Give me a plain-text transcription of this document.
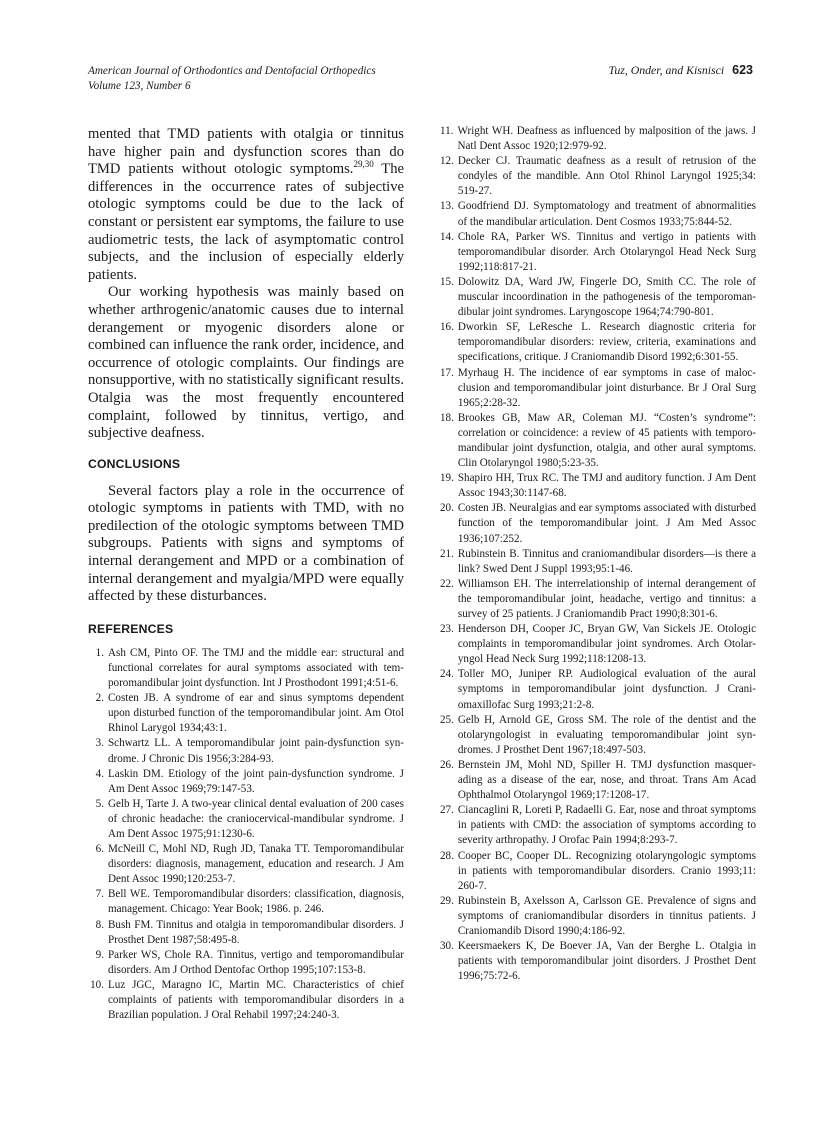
American Journal of Orthodontics and Dentofacial Orthopedics
Volume 123, Number 6
Tuz, Onder, and Kisnisci 623

mented that TMD patients with otalgia or tinnitus have higher pain and dysfunction scores than do TMD patients without otologic symptoms.$^{29,30}$ The differences in the occurrence rates of subjective otologic symptoms could be due to the lack of constant or persistent ear symptoms, the failure to use audiometric tests, the lack of asymptomatic control subjects, and the inclusion of especially elderly patients.

Our working hypothesis was mainly based on whether arthrogenic/anatomic causes due to internal derangement or myogenic disorders alone or combined can influence the rank order, incidence, and occurrence of otologic complaints. Our findings are nonsupportive, with no statistically significant results. Otalgia was the most frequently encountered complaint, followed by tinnitus, vertigo, and subjective deafness.

CONCLUSIONS

Several factors play a role in the occurrence of otologic symptoms in patients with TMD, with no predilection of the otologic symptoms between TMD subgroups. Patients with signs and symptoms of internal derangement and MPD or a combination of internal derangement and myalgia/MPD were equally affected by these disturbances.

REFERENCES
1. Ash CM, Pinto OF. The TMJ and the middle ear: structural and functional correlates for aural symptoms associated with temporomandibular joint dysfunction. Int J Prosthodont 1991;4:51-6.
2. Costen JB. A syndrome of ear and sinus symptoms dependent upon disturbed function of the temporomandibular joint. Am Otol Rhinol Larygol 1934;43:1.
3. Schwartz LL. A temporomandibular joint pain-dysfunction syndrome. J Chronic Dis 1956;3:284-93.
4. Laskin DM. Etiology of the joint pain-dysfunction syndrome. J Am Dent Assoc 1969;79:147-53.
5. Gelb H, Tarte J. A two-year clinical dental evaluation of 200 cases of chronic headache: the craniocervical-mandibular syndrome. J Am Dent Assoc 1975;91:1230-6.
6. McNeill C, Mohl ND, Rugh JD, Tanaka TT. Temporomandibular disorders: diagnosis, management, education and research. J Am Dent Assoc 1990;120:253-7.
7. Bell WE. Temporomandibular disorders: classification, diagnosis, management. Chicago: Year Book; 1986. p. 246.
8. Bush FM. Tinnitus and otalgia in temporomandibular disorders. J Prosthet Dent 1987;58:495-8.
9. Parker WS, Chole RA. Tinnitus, vertigo and temporomandibular disorders. Am J Orthod Dentofac Orthop 1995;107:153-8.
10. Luz JGC, Maragno IC, Martin MC. Characteristics of chief complaints of patients with temporomandibular disorders in a Brazilian population. J Oral Rehabil 1997;24:240-3.
11. Wright WH. Deafness as influenced by malposition of the jaws. J Natl Dent Assoc 1920;12:979-92.
12. Decker CJ. Traumatic deafness as a result of retrusion of the condyles of the mandible. Ann Otol Rhinol Laryngol 1925;34: 519-27.
13. Goodfriend DJ. Symptomatology and treatment of abnormalities of the mandibular articulation. Dent Cosmos 1933;75:844-52.
14. Chole RA, Parker WS. Tinnitus and vertigo in patients with temporomandibular disorder. Arch Otolaryngol Head Neck Surg 1992;118:817-21.
15. Dolowitz DA, Ward JW, Fingerle DO, Smith CC. The role of muscular incoordination in the pathogenesis of the temporomandibular joint syndromes. Laryngoscope 1964;74:790-801.
16. Dworkin SF, LeResche L. Research diagnostic criteria for temporomandibular disorders: review, criteria, examinations and specifications, critique. J Craniomandib Disord 1992;6:301-55.
17. Myrhaug H. The incidence of ear symptoms in case of malocclusion and temporomandibular joint disturbance. Br J Oral Surg 1965;2:28-32.
18. Brookes GB, Maw AR, Coleman MJ. “Costen’s syndrome”: correlation or coincidence: a review of 45 patients with temporomandibular joint dysfunction, otalgia, and other aural symptoms. Clin Otolaryngol 1980;5:23-35.
19. Shapiro HH, Trux RC. The TMJ and auditory function. J Am Dent Assoc 1943;30:1147-68.
20. Costen JB. Neuralgias and ear symptoms associated with disturbed function of the temporomandibular joint. J Am Med Assoc 1936;107:252.
21. Rubinstein B. Tinnitus and craniomandibular disorders—is there a link? Swed Dent J Suppl 1993;95:1-46.
22. Williamson EH. The interrelationship of internal derangement of the temporomandibular joint, headache, vertigo and tinnitus: a survey of 25 patients. J Craniomandib Pract 1990;8:301-6.
23. Henderson DH, Cooper JC, Bryan GW, Van Sickels JE. Otologic complaints in temporomandibular joint syndromes. Arch Otolaryngol Head Neck Surg 1992;118:1208-13.
24. Toller MO, Juniper RP. Audiological evaluation of the aural symptoms in temporomandibular joint dysfunction. J Craniomaxillofac Surg 1993;21:2-8.
25. Gelb H, Arnold GE, Gross SM. The role of the dentist and the otolaryngologist in evaluating temporomandibular joint syndromes. J Prosthet Dent 1967;18:497-503.
26. Bernstein JM, Mohl ND, Spiller H. TMJ dysfunction masquerading as a disease of the ear, nose, and throat. Trans Am Acad Ophthalmol Otolaryngol 1969;17:1208-17.
27. Ciancaglini R, Loreti P, Radaelli G. Ear, nose and throat symptoms in patients with CMD: the association of symptoms according to severity arthropathy. J Orofac Pain 1994;8:293-7.
28. Cooper BC, Cooper DL. Recognizing otolaryngologic symptoms in patients with temporomandibular disorders. Cranio 1993;11: 260-7.
29. Rubinstein B, Axelsson A, Carlsson GE. Prevalence of signs and symptoms of craniomandibular disorders in tinnitus patients. J Craniomandib Disord 1990;4:186-92.
30. Keersmaekers K, De Boever JA, Van der Berghe L. Otalgia in patients with temporomandibular joint disorders. J Prosthet Dent 1996;75:72-6.
